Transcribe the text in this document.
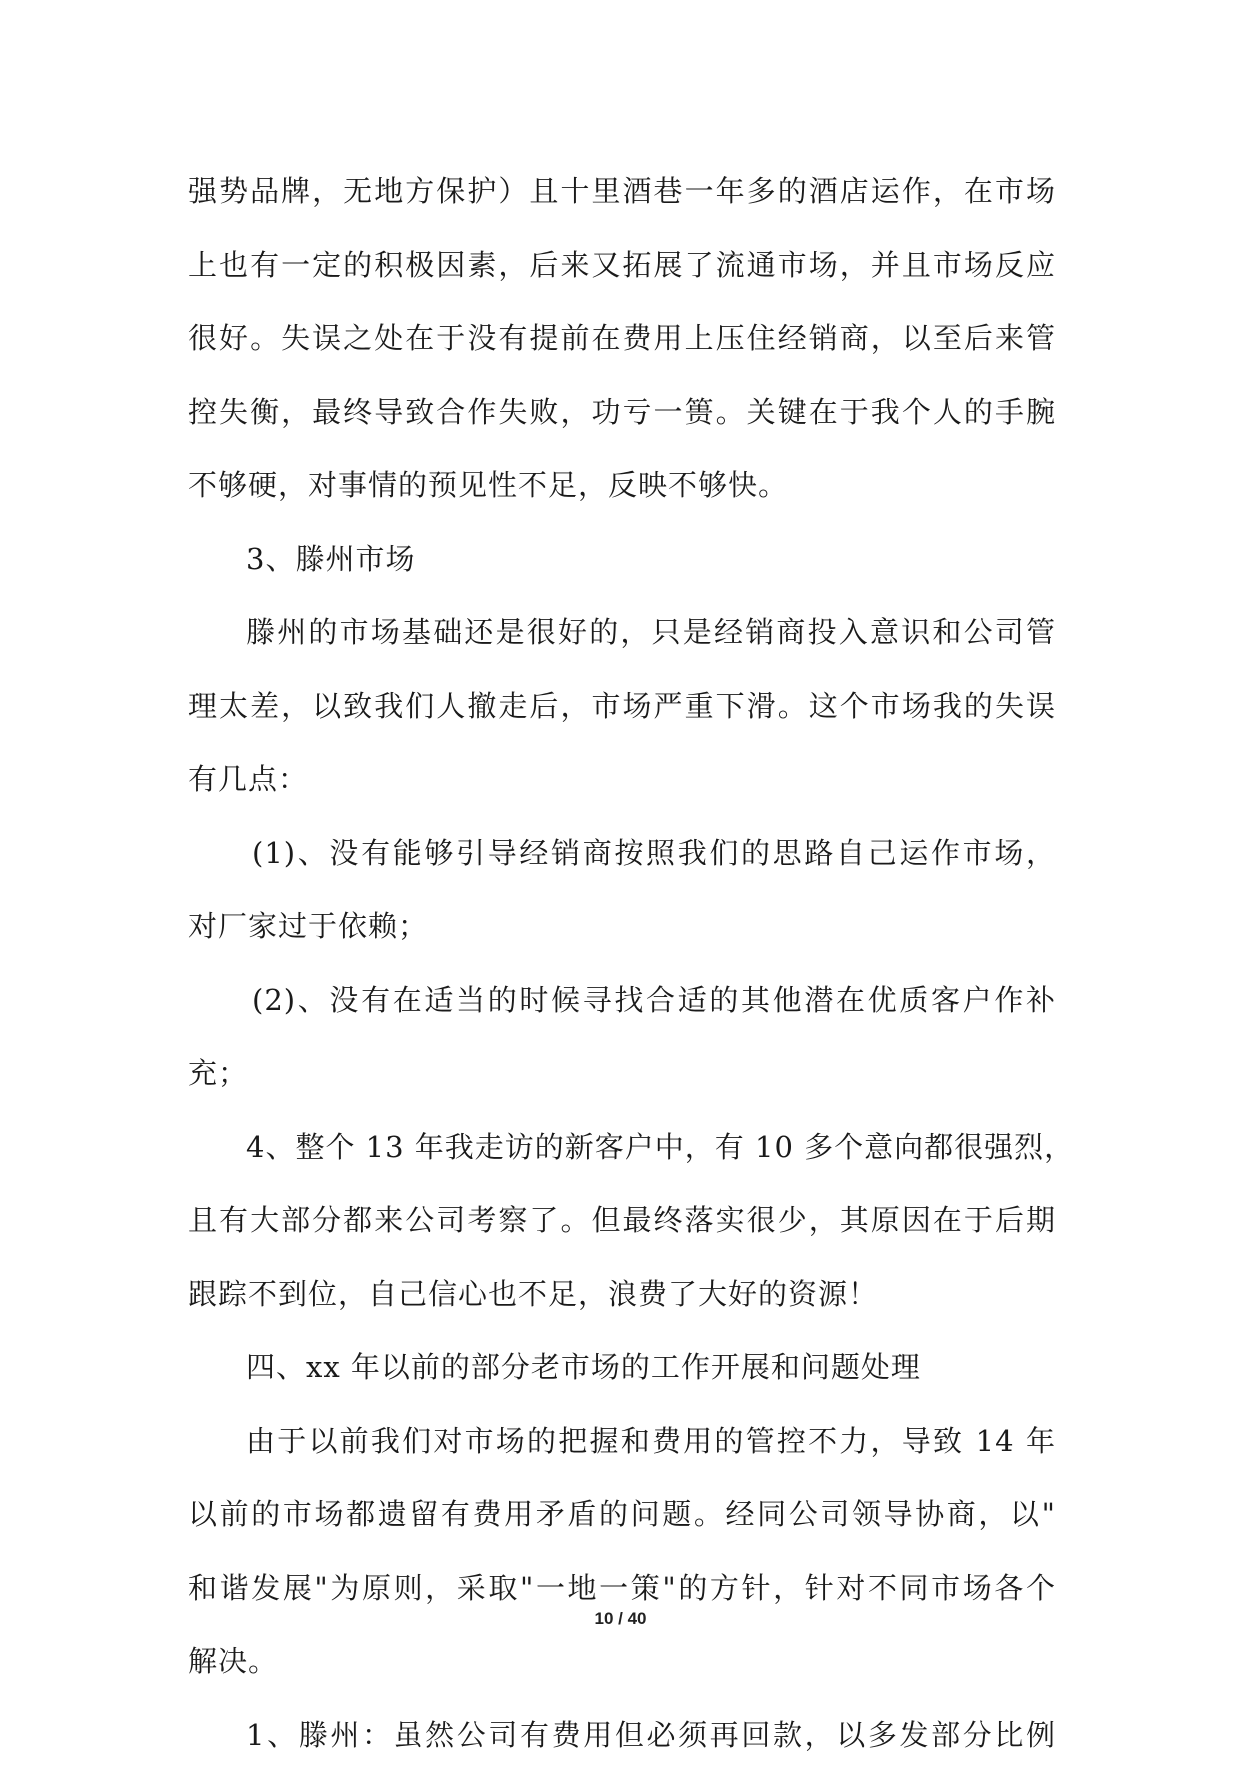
强势品牌，无地方保护）且十里酒巷一年多的酒店运作，在市场
上也有一定的积极因素，后来又拓展了流通市场，并且市场反应
很好。失误之处在于没有提前在费用上压住经销商，以至后来管
控失衡，最终导致合作失败，功亏一篑。关键在于我个人的手腕
不够硬，对事情的预见性不足，反映不够快。
3、滕州市场
滕州的市场基础还是很好的，只是经销商投入意识和公司管
理太差，以致我们人撤走后，市场严重下滑。这个市场我的失误
有几点：
(1)、没有能够引导经销商按照我们的思路自己运作市场，
对厂家过于依赖；
(2)、没有在适当的时候寻找合适的其他潜在优质客户作补
充；
4、整个 13 年我走访的新客户中，有 10 多个意向都很强烈，
且有大部分都来公司考察了。但最终落实很少，其原因在于后期
跟踪不到位，自己信心也不足，浪费了大好的资源！
四、xx 年以前的部分老市场的工作开展和问题处理
由于以前我们对市场的把握和费用的管控不力，导致 14 年
以前的市场都遗留有费用矛盾的问题。经同公司领导协商，以"
和谐发展"为原则，采取"一地一策"的方针，针对不同市场各个
解决。
1、滕州：虽然公司有费用但必须再回款，以多发部分比例
10 / 40
